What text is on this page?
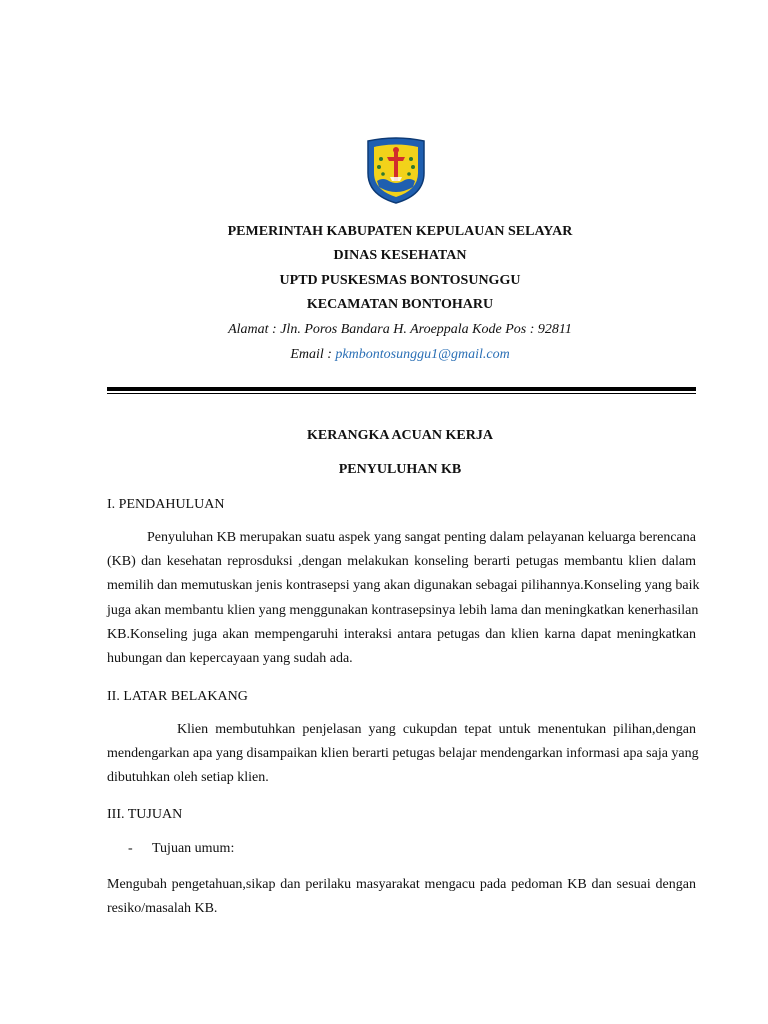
PEMERINTAH KABUPATEN KEPULAUAN SELAYAR
DINAS KESEHATAN
UPTD PUSKESMAS BONTOSUNGGU
KECAMATAN BONTOHARU
Alamat : Jln. Poros Bandara H. Aroeppala Kode Pos : 92811
Email : pkmbontosunggu1@gmail.com
KERANGKA ACUAN KERJA
PENYULUHAN KB
I. PENDAHULUAN
Penyuluhan KB merupakan suatu aspek yang sangat penting dalam pelayanan keluarga berencana
(KB) dan kesehatan reprosduksi ,dengan melakukan konseling berarti petugas membantu klien dalam
memilih dan memutuskan jenis kontrasepsi yang akan digunakan sebagai pilihannya.Konseling yang baik
juga akan membantu klien yang menggunakan kontrasepsinya lebih lama dan meningkatkan kenerhasilan
KB.Konseling juga akan mempengaruhi interaksi antara petugas dan klien karna dapat meningkatkan
hubungan dan kepercayaan yang sudah ada.
II. LATAR BELAKANG
Klien membutuhkan penjelasan yang cukupdan tepat untuk menentukan pilihan,dengan
mendengarkan apa yang disampaikan klien berarti petugas belajar mendengarkan informasi apa saja yang
dibutuhkan oleh setiap klien.
III. TUJUAN
- Tujuan umum:
Mengubah pengetahuan,sikap dan perilaku masyarakat mengacu pada pedoman KB dan sesuai dengan
resiko/masalah KB.
